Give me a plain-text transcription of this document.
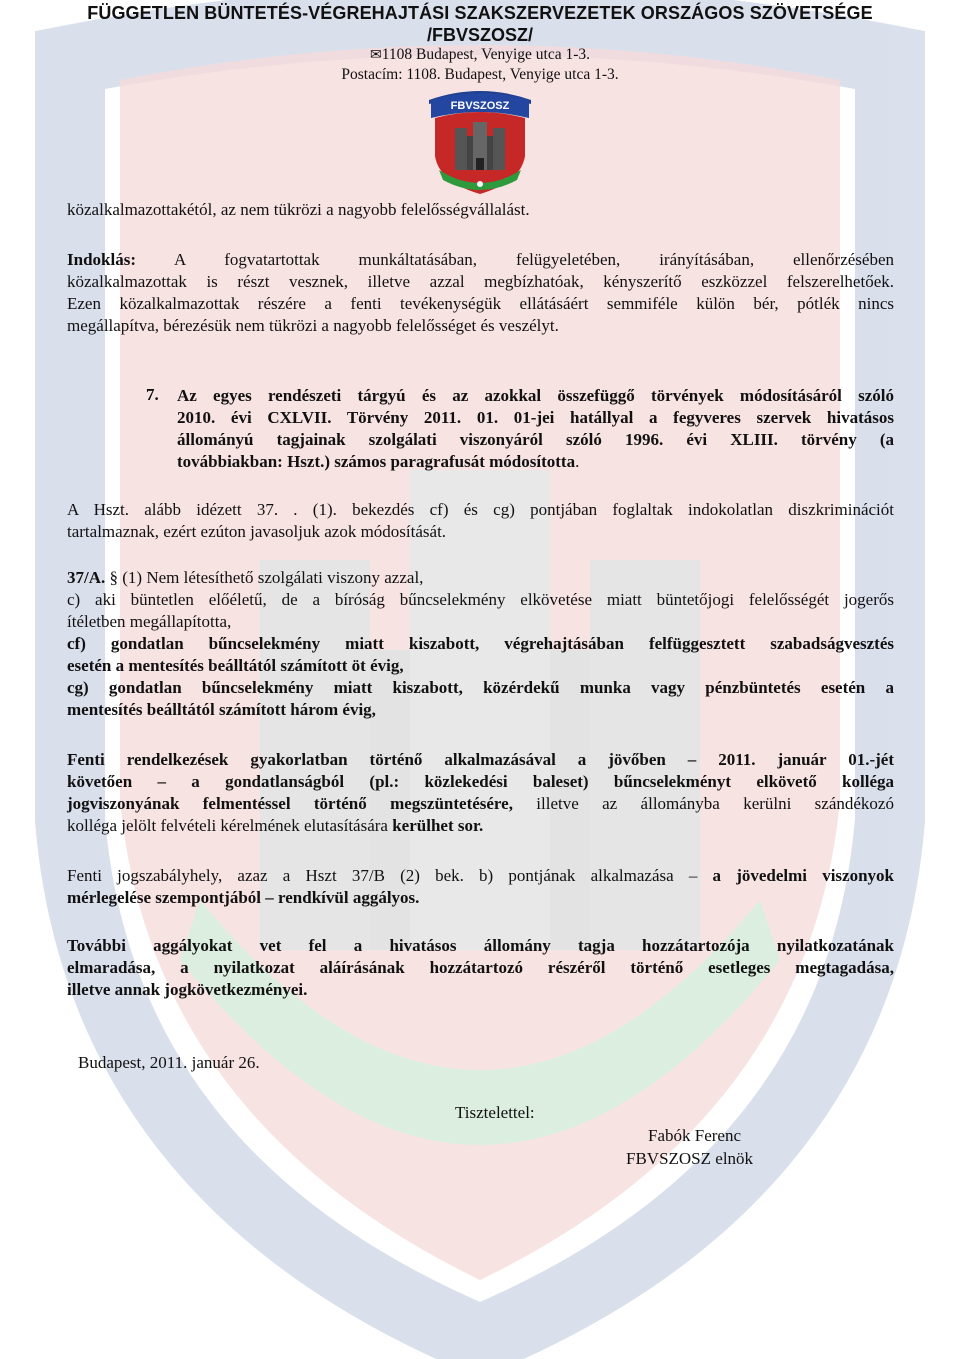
FÜGGETLEN BÜNTETÉS-VÉGREHAJTÁSI SZAKSZERVEZETEK ORSZÁGOS SZÖVETSÉGE
/FBVSZOSZ/
✉1108 Budapest, Venyige utca 1-3.
Postacím: 1108. Budapest, Venyige utca 1-3.
FBVSZOSZ
közalkalmazottakétól, az nem tükrözi a nagyobb felelősségvállalást.
Indoklás: A fogvatartottak munkáltatásában, felügyeletében, irányításában, ellenőrzésében
közalkalmazottak is részt vesznek, illetve azzal megbízhatóak, kényszerítő eszközzel felszerelhetőek.
Ezen közalkalmazottak részére a fenti tevékenységük ellátásáért semmiféle külön bér, pótlék nincs
megállapítva, bérezésük nem tükrözi a nagyobb felelősséget és veszélyt.
7. Az egyes rendészeti tárgyú és az azokkal összefüggő törvények módosításáról szóló
2010. évi CXLVII. Törvény 2011. 01. 01-jei hatállyal a fegyveres szervek hivatásos
állományú tagjainak szolgálati viszonyáról szóló 1996. évi XLIII. törvény (a
továbbiakban: Hszt.) számos paragrafusát módosította.
A Hszt. alább idézett 37. . (1). bekezdés cf) és cg) pontjában foglaltak indokolatlan diszkriminációt
tartalmaznak, ezért ezúton javasoljuk azok módosítását.
37/A. § (1) Nem létesíthető szolgálati viszony azzal,
c) aki büntetlen előéletű, de a bíróság bűncselekmény elkövetése miatt büntetőjogi felelősségét jogerős
ítéletben megállapította,
cf) gondatlan bűncselekmény miatt kiszabott, végrehajtásában felfüggesztett szabadságvesztés
esetén a mentesítés beálltától számított öt évig,
cg) gondatlan bűncselekmény miatt kiszabott, közérdekű munka vagy pénzbüntetés esetén a
mentesítés beálltától számított három évig,
Fenti rendelkezések gyakorlatban történő alkalmazásával a jövőben – 2011. január 01.-jét
követően – a gondatlanságból (pl.: közlekedési baleset) bűncselekményt elkövető kolléga
jogviszonyának felmentéssel történő megszüntetésére, illetve az állományba kerülni szándékozó
kolléga jelölt felvételi kérelmének elutasítására kerülhet sor.
Fenti jogszabályhely, azaz a Hszt 37/B (2) bek. b) pontjának alkalmazása – a jövedelmi viszonyok
mérlegelése szempontjából – rendkívül aggályos.
További aggályokat vet fel a hivatásos állomány tagja hozzátartozója nyilatkozatának
elmaradása, a nyilatkozat aláírásának hozzátartozó részéről történő esetleges megtagadása,
illetve annak jogkövetkezményei.
Budapest, 2011. január 26.
Tisztelettel:
Fabók Ferenc
FBVSZOSZ elnök
